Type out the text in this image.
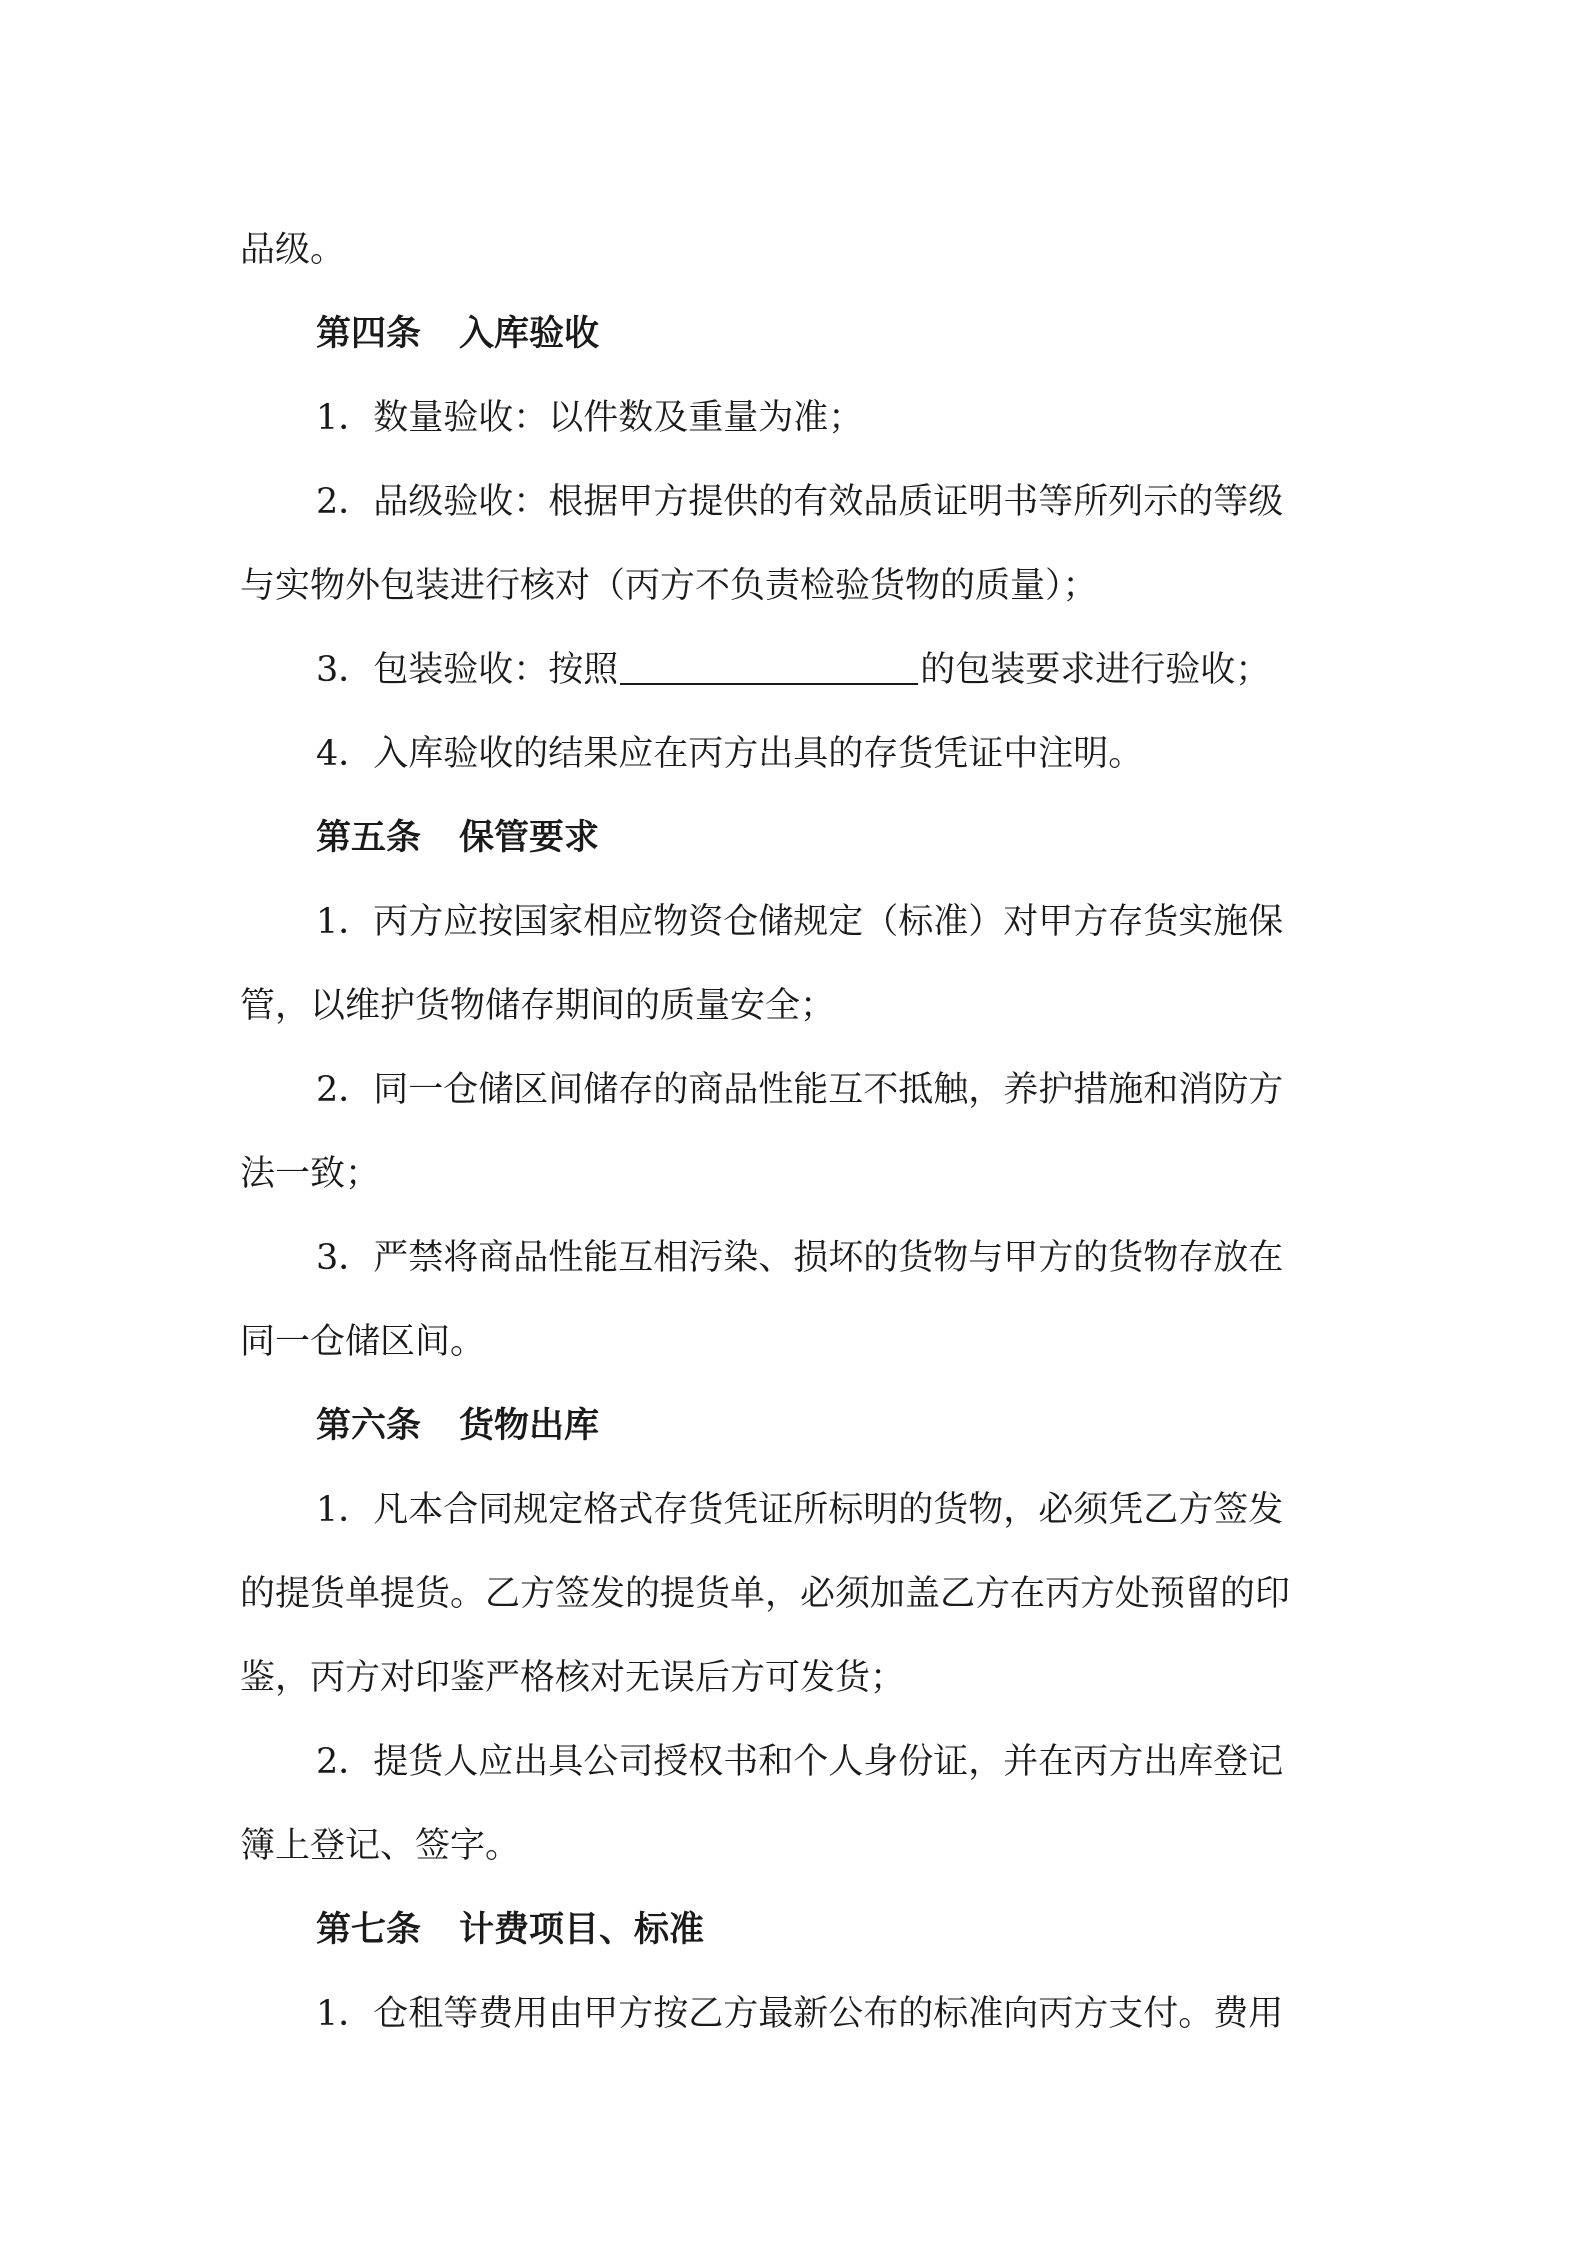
品级。
第四条 入库验收
1．数量验收：以件数及重量为准；
2．品级验收：根据甲方提供的有效品质证明书等所列示的等级
与实物外包装进行核对（丙方不负责检验货物的质量）；
3．包装验收：按照	的包装要求进行验收；
4．入库验收的结果应在丙方出具的存货凭证中注明。
第五条 保管要求
1．丙方应按国家相应物资仓储规定（标准）对甲方存货实施保
管，以维护货物储存期间的质量安全；
2．同一仓储区间储存的商品性能互不抵触，养护措施和消防方
法一致；
3．严禁将商品性能互相污染、损坏的货物与甲方的货物存放在
同一仓储区间。
第六条 货物出库
1．凡本合同规定格式存货凭证所标明的货物，必须凭乙方签发
的提货单提货。乙方签发的提货单，必须加盖乙方在丙方处预留的印
鉴，丙方对印鉴严格核对无误后方可发货；
2．提货人应出具公司授权书和个人身份证，并在丙方出库登记
簿上登记、签字。
第七条 计费项目、标准
1．仓租等费用由甲方按乙方最新公布的标准向丙方支付。费用
